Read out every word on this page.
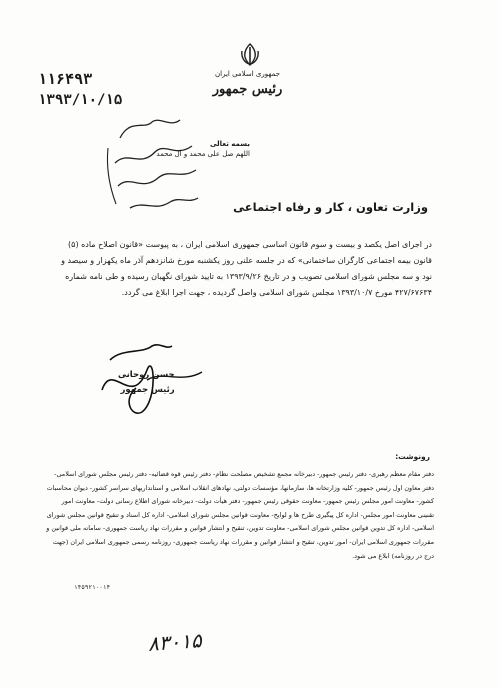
۱۱۶۴۹۳
۱۳۹۳/۱۰/۱۵
جمهوری اسلامی ایران
رئیس جمهور
بسمه تعالی
اللهم صل علی محمد و آل محمد
وزارت تعاون ، کار و رفاه اجتماعی
در اجرای اصل یکصد و بیست و سوم قانون اساسی جمهوری اسلامی ایران ، به پیوست «قانون اصلاح ماده (۵) قانون بیمه اجتماعی کارگران ساختمانی» که در جلسه علنی روز یکشنبه مورخ شانزدهم آذر ماه یکهزار و سیصد و نود و سه مجلس شورای اسلامی تصویب و در تاریخ ۱۳۹۳/۹/۲۶ به تایید شورای نگهبان رسیده و طی نامه شماره ۴۲۷/۶۷۶۳۴ مورخ ۱۳۹۳/۱۰/۷ مجلس شورای اسلامی واصل گردیده ، جهت اجرا ابلاغ می گردد.
حسن روحانی
رئیس جمهور
رونوشت:
دفتر مقام معظم رهبری- دفتر رئیس جمهور- دبیرخانه مجمع تشخیص مصلحت نظام- دفتر رئیس قوه قضائیه- دفتر رئیس مجلس شورای اسلامی- دفتر معاون اول رئیس جمهور- کلیه وزارتخانه ها، سازمانها، مؤسسات دولتی، نهادهای انقلاب اسلامی و استانداریهای سراسر کشور- دیوان محاسبات کشور- معاونت امور مجلس رئیس جمهور- معاونت حقوقی رئیس جمهور- دفتر هیأت دولت- دبیرخانه شورای اطلاع رسانی دولت- معاونت امور تقنینی معاونت امور مجلس- اداره کل پیگیری طرح ها و لوایح- معاونت قوانین مجلس شورای اسلامی- اداره کل اسناد و تنقیح قوانین مجلس شورای اسلامی- اداره کل تدوین قوانین مجلس شورای اسلامی- معاونت تدوین، تنقیح و انتشار قوانین و مقررات نهاد ریاست جمهوری- سامانه ملی قوانین و مقررات جمهوری اسلامی ایران- امور تدوین، تنقیح و انتشار قوانین و مقررات نهاد ریاست جمهوری- روزنامه رسمی جمهوری اسلامی ایران (جهت درج در روزنامه) ابلاغ می شود.
۱۴۵۹۲۱۰۰۱۴
۸۳۰۱۵
